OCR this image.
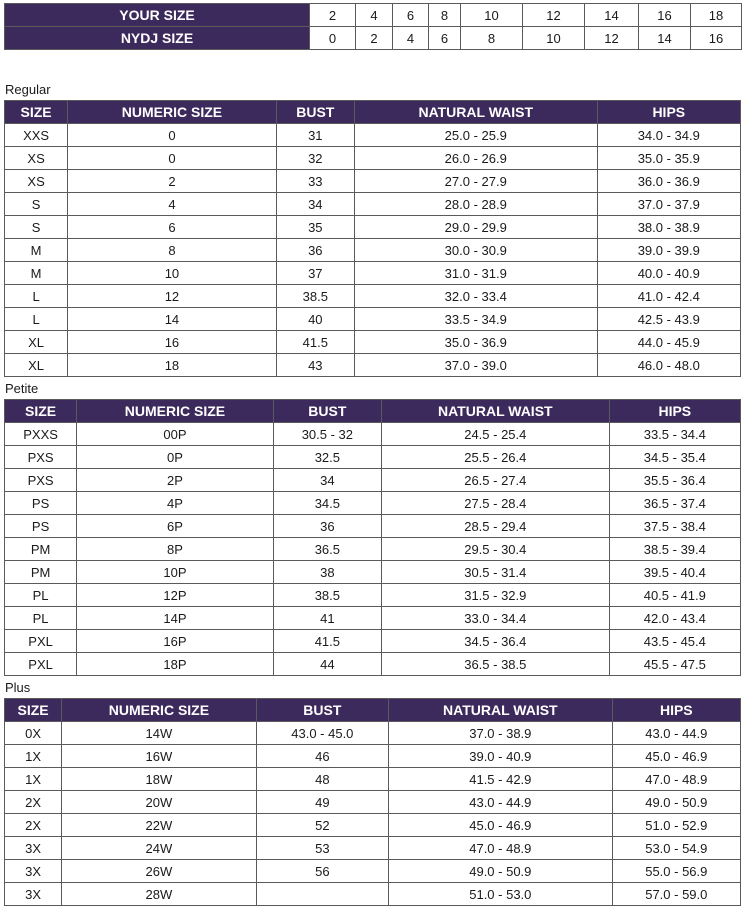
YOUR SIZE	2	4	6	8	10	12	14	16	18
NYDJ SIZE	0	2	4	6	8	10	12	14	16
Regular
SIZE	NUMERIC SIZE	BUST	NATURAL WAIST	HIPS
XXS	0	31	25.0 - 25.9	34.0 - 34.9
XS	0	32	26.0 - 26.9	35.0 - 35.9
XS	2	33	27.0 - 27.9	36.0 - 36.9
S	4	34	28.0 - 28.9	37.0 - 37.9
S	6	35	29.0 - 29.9	38.0 - 38.9
M	8	36	30.0 - 30.9	39.0 - 39.9
M	10	37	31.0 - 31.9	40.0 - 40.9
L	12	38.5	32.0 - 33.4	41.0 - 42.4
L	14	40	33.5 - 34.9	42.5 - 43.9
XL	16	41.5	35.0 - 36.9	44.0 - 45.9
XL	18	43	37.0 - 39.0	46.0 - 48.0
Petite
SIZE	NUMERIC SIZE	BUST	NATURAL WAIST	HIPS
PXXS	00P	30.5 - 32	24.5 - 25.4	33.5 - 34.4
PXS	0P	32.5	25.5 - 26.4	34.5 - 35.4
PXS	2P	34	26.5 - 27.4	35.5 - 36.4
PS	4P	34.5	27.5 - 28.4	36.5 - 37.4
PS	6P	36	28.5 - 29.4	37.5 - 38.4
PM	8P	36.5	29.5 - 30.4	38.5 - 39.4
PM	10P	38	30.5 - 31.4	39.5 - 40.4
PL	12P	38.5	31.5 - 32.9	40.5 - 41.9
PL	14P	41	33.0 - 34.4	42.0 - 43.4
PXL	16P	41.5	34.5 - 36.4	43.5 - 45.4
PXL	18P	44	36.5 - 38.5	45.5 - 47.5
Plus
SIZE	NUMERIC SIZE	BUST	NATURAL WAIST	HIPS
0X	14W	43.0 - 45.0	37.0 - 38.9	43.0 - 44.9
1X	16W	46	39.0 - 40.9	45.0 - 46.9
1X	18W	48	41.5 - 42.9	47.0 - 48.9
2X	20W	49	43.0 - 44.9	49.0 - 50.9
2X	22W	52	45.0 - 46.9	51.0 - 52.9
3X	24W	53	47.0 - 48.9	53.0 - 54.9
3X	26W	56	49.0 - 50.9	55.0 - 56.9
3X	28W		51.0 - 53.0	57.0 - 59.0
